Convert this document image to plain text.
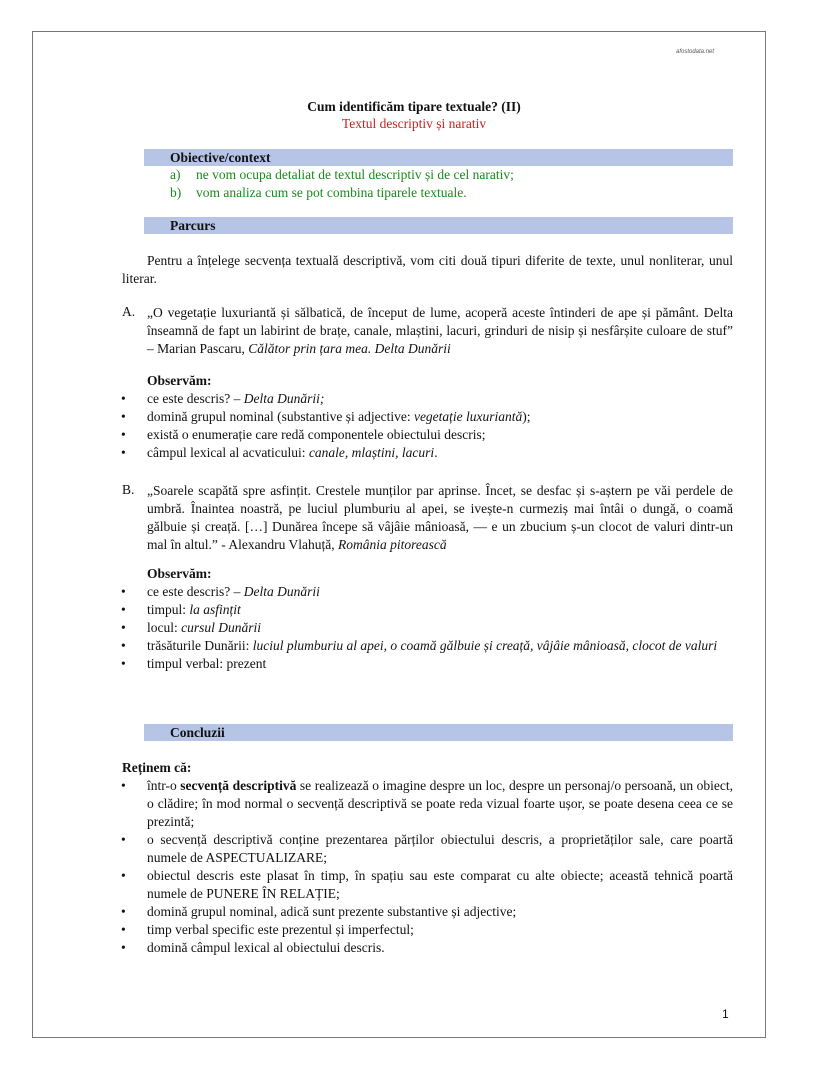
afostodata.net
Cum identificăm tipare textuale? (II)
Textul descriptiv și narativ
Obiective/context
a) ne vom ocupa detaliat de textul descriptiv și de cel narativ;
b) vom analiza cum se pot combina tiparele textuale.
Parcurs

Pentru a înțelege secvența textuală descriptivă, vom citi două tipuri diferite de texte, unul nonliterar, unul literar.

A. „O vegetație luxuriantă și sălbatică, de început de lume, acoperă aceste întinderi de ape și pământ. Delta înseamnă de fapt un labirint de brațe, canale, mlaștini, lacuri, grinduri de nisip și nesfârșite culoare de stuf” – Marian Pascaru, Călător prin țara mea. Delta Dunării

Observăm:
• ce este descris? – Delta Dunării;
• domină grupul nominal (substantive și adjective: vegetație luxuriantă);
• există o enumerație care redă componentele obiectului descris;
• câmpul lexical al acvaticului: canale, mlaștini, lacuri.
B. „Soarele scapătă spre asfințit. Crestele munților par aprinse. Încet, se desfac și s-aștern pe văi perdele de umbră. Înaintea noastră, pe luciul plumburiu al apei, se ivește-n curmeziș mai întâi o dungă, o coamă gălbuie și creață. […] Dunărea începe să vâjâie mânioasă, — e un zbucium ș-un clocot de valuri dintr-un mal în altul.” - Alexandru Vlahuță, România pitorească

Observăm:
• ce este descris? – Delta Dunării
• timpul: la asfințit
• locul: cursul Dunării
• trăsăturile Dunării: luciul plumburiu al apei, o coamă gălbuie și creață, vâjâie mânioasă, clocot de valuri
• timpul verbal: prezent
Concluzii
Reținem că:
• într-o secvență descriptivă se realizează o imagine despre un loc, despre un personaj/o persoană, un obiect, o clădire; în mod normal o secvență descriptivă se poate reda vizual foarte ușor, se poate desena ceea ce se prezintă;
• o secvență descriptivă conține prezentarea părților obiectului descris, a proprietăților sale, care poartă numele de ASPECTUALIZARE;
• obiectul descris este plasat în timp, în spațiu sau este comparat cu alte obiecte; această tehnică poartă numele de PUNERE ÎN RELAȚIE;
• domină grupul nominal, adică sunt prezente substantive și adjective;
• timp verbal specific este prezentul și imperfectul;
• domină câmpul lexical al obiectului descris.
1
